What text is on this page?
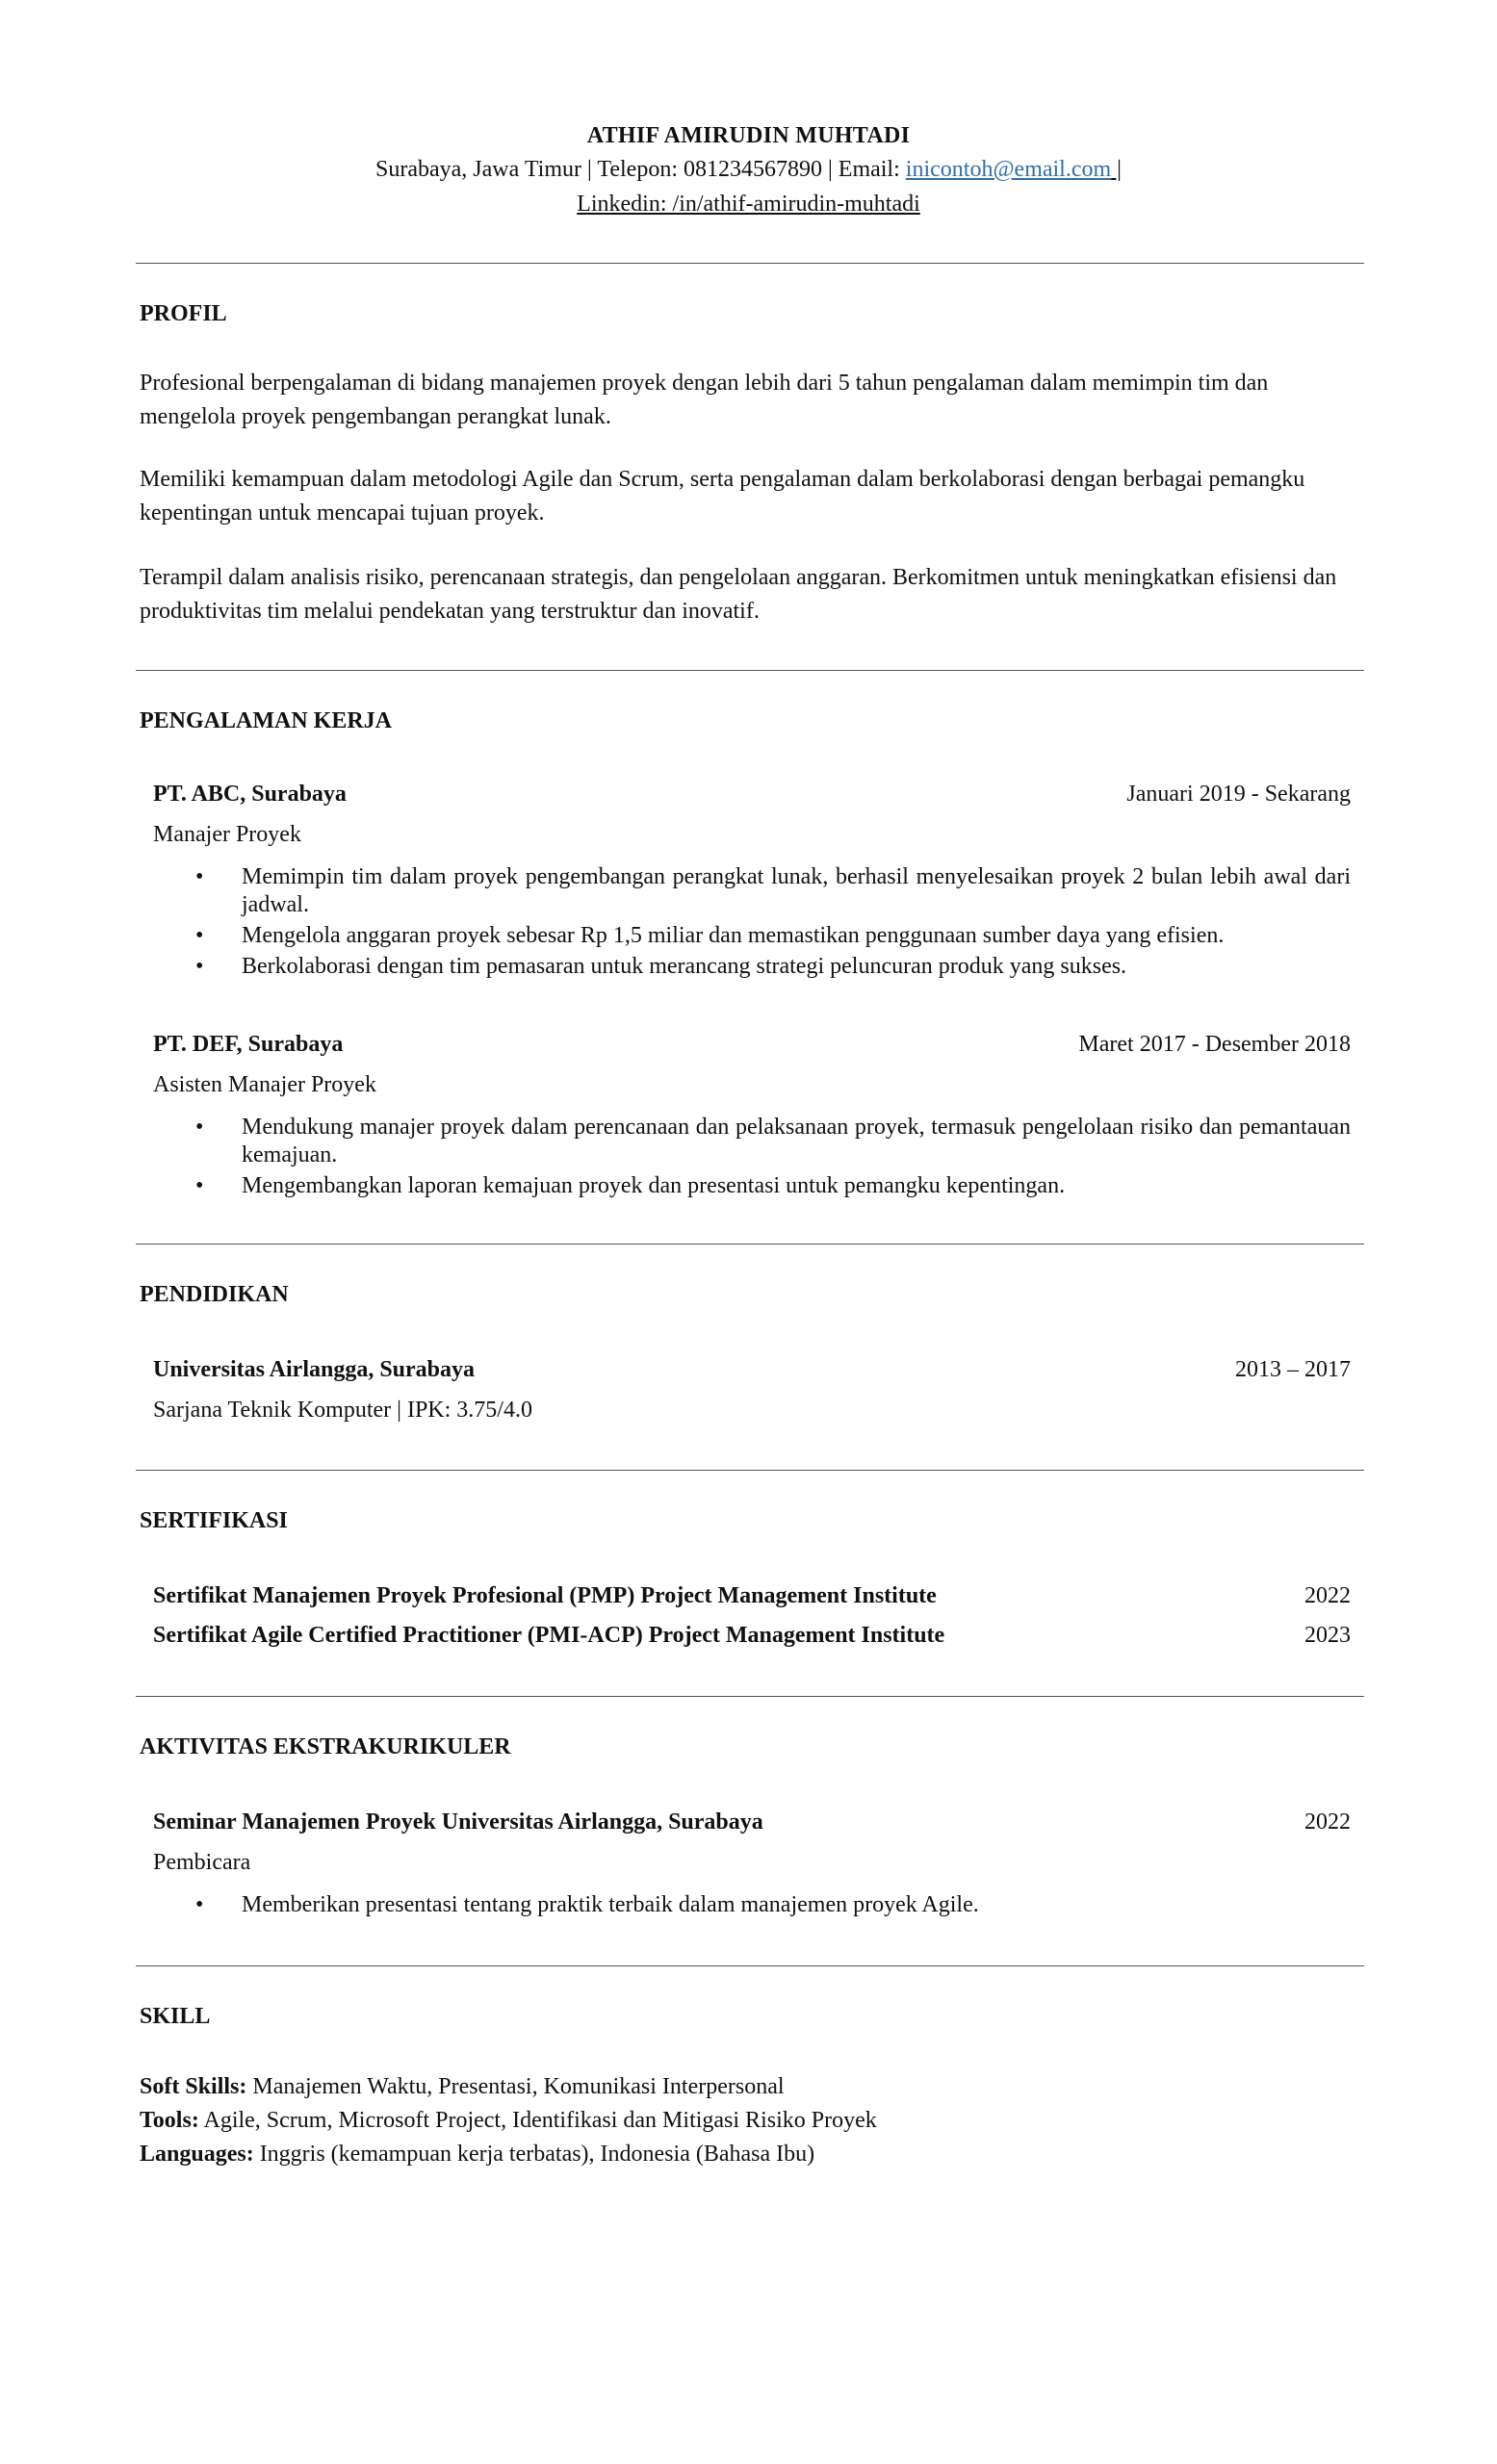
ATHIF AMIRUDIN MUHTADI
Surabaya, Jawa Timur | Telepon: 081234567890 | Email: inicontoh@email.com |
Linkedin: /in/athif-amirudin-muhtadi
PROFIL
Profesional berpengalaman di bidang manajemen proyek dengan lebih dari 5 tahun pengalaman dalam memimpin tim dan mengelola proyek pengembangan perangkat lunak.
Memiliki kemampuan dalam metodologi Agile dan Scrum, serta pengalaman dalam berkolaborasi dengan berbagai pemangku kepentingan untuk mencapai tujuan proyek.
Terampil dalam analisis risiko, perencanaan strategis, dan pengelolaan anggaran. Berkomitmen untuk meningkatkan efisiensi dan produktivitas tim melalui pendekatan yang terstruktur dan inovatif.
PENGALAMAN KERJA
PT. ABC, Surabaya	Januari 2019 - Sekarang
Manajer Proyek
• Memimpin tim dalam proyek pengembangan perangkat lunak, berhasil menyelesaikan proyek 2 bulan lebih awal dari jadwal.
• Mengelola anggaran proyek sebesar Rp 1,5 miliar dan memastikan penggunaan sumber daya yang efisien.
• Berkolaborasi dengan tim pemasaran untuk merancang strategi peluncuran produk yang sukses.
PT. DEF, Surabaya	Maret 2017 - Desember 2018
Asisten Manajer Proyek
• Mendukung manajer proyek dalam perencanaan dan pelaksanaan proyek, termasuk pengelolaan risiko dan pemantauan kemajuan.
• Mengembangkan laporan kemajuan proyek dan presentasi untuk pemangku kepentingan.
PENDIDIKAN
Universitas Airlangga, Surabaya	2013 – 2017
Sarjana Teknik Komputer | IPK: 3.75/4.0
SERTIFIKASI
Sertifikat Manajemen Proyek Profesional (PMP) Project Management Institute	2022
Sertifikat Agile Certified Practitioner (PMI-ACP) Project Management Institute	2023
AKTIVITAS EKSTRAKURIKULER
Seminar Manajemen Proyek Universitas Airlangga, Surabaya	2022
Pembicara
• Memberikan presentasi tentang praktik terbaik dalam manajemen proyek Agile.
SKILL
Soft Skills: Manajemen Waktu, Presentasi, Komunikasi Interpersonal
Tools: Agile, Scrum, Microsoft Project, Identifikasi dan Mitigasi Risiko Proyek
Languages: Inggris (kemampuan kerja terbatas), Indonesia (Bahasa Ibu)
